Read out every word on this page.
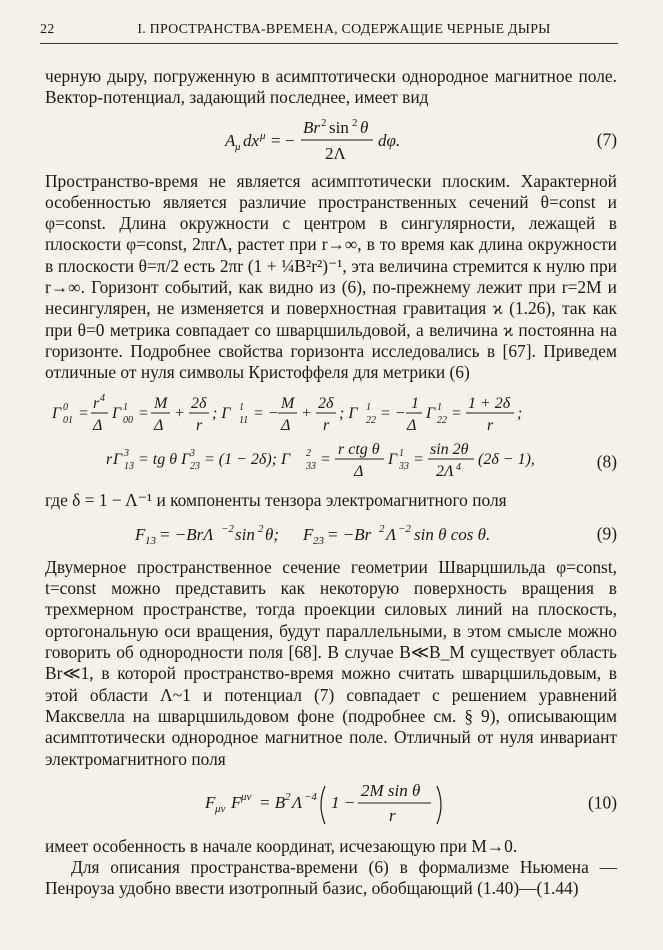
22	I. ПРОСТРАНСТВА-ВРЕМЕНА, СОДЕРЖАЩИЕ ЧЕРНЫЕ ДЫРЫ

черную дыру, погруженную в асимптотически однородное магнитное поле. Вектор-потенциал, задающий последнее, имеет вид

A μ dx μ = −
Br 2 sin 2 θ
2Λ
dφ.	(7)

Пространство-время не является асимптотически плоским. Характерной особенностью является различие пространственных сечений θ=const и φ=const. Длина окружности с центром в сингулярности, лежащей в плоскости φ=const, 2πrΛ, растет при r→∞, в то время как длина окружности в плоскости θ=π/2 есть 2πr (1 + ¼B²r²)⁻¹, эта величина стремится к нулю при r→∞. Горизонт событий, как видно из (6), по-прежнему лежит при r=2M и несингулярен, не изменяется и поверхностная гравитация ϰ (1.26), так как при θ=0 метрика совпадает со шварцшильдовой, а величина ϰ постоянна на горизонте. Подробнее свойства горизонта исследовались в [67]. Приведем отличные от нуля символы Кристоффеля для метрики (6)

Γ 0
01 =
r 4
Δ
Γ 1
00 =
M
Δ
+
2δ
r
; Γ 1
11 = −
M
Δ
+
2δ
r
; Γ 1
22 = −
1
Δ
Γ 1
22 =
1 + 2δ
r
;
r Γ 3
13 = tg θ Γ 3
23 = (1 − 2δ); Γ 2
33 =
r ctg θ
Δ
Γ 1
33 =
sin 2θ
2Λ 4 (2δ − 1),	(8)

где δ = 1 − Λ⁻¹ и компоненты тензора электромагнитного поля

F 13 = −BrΛ −2 sin 2 θ; F 23 = −Br 2 Λ −2 sin θ cos θ.	(9)

Двумерное пространственное сечение геометрии Шварцшильда φ=const, t=const можно представить как некоторую поверхность вращения в трехмерном пространстве, тогда проекции силовых линий на плоскость, ортогональную оси вращения, будут параллельными, в этом смысле можно говорить об однородности поля [68]. В случае B≪B_M существует область Br≪1, в которой пространство-время можно считать шварцшильдовым, в этой области Λ~1 и потенциал (7) совпадает с решением уравнений Максвелла на шварцшильдовом фоне (подробнее см. § 9), описывающим асимптотически однородное магнитное поле. Отличный от нуля инвариант электромагнитного поля

F μν F μν = B 2 Λ −4 1 −
2M sin θ
r
(10)

имеет особенность в начале координат, исчезающую при M→0.

Для описания пространства-времени (6) в формализме Ньюмена — Пенроуза удобно ввести изотропный базис, обобщающий (1.40)—(1.44)
